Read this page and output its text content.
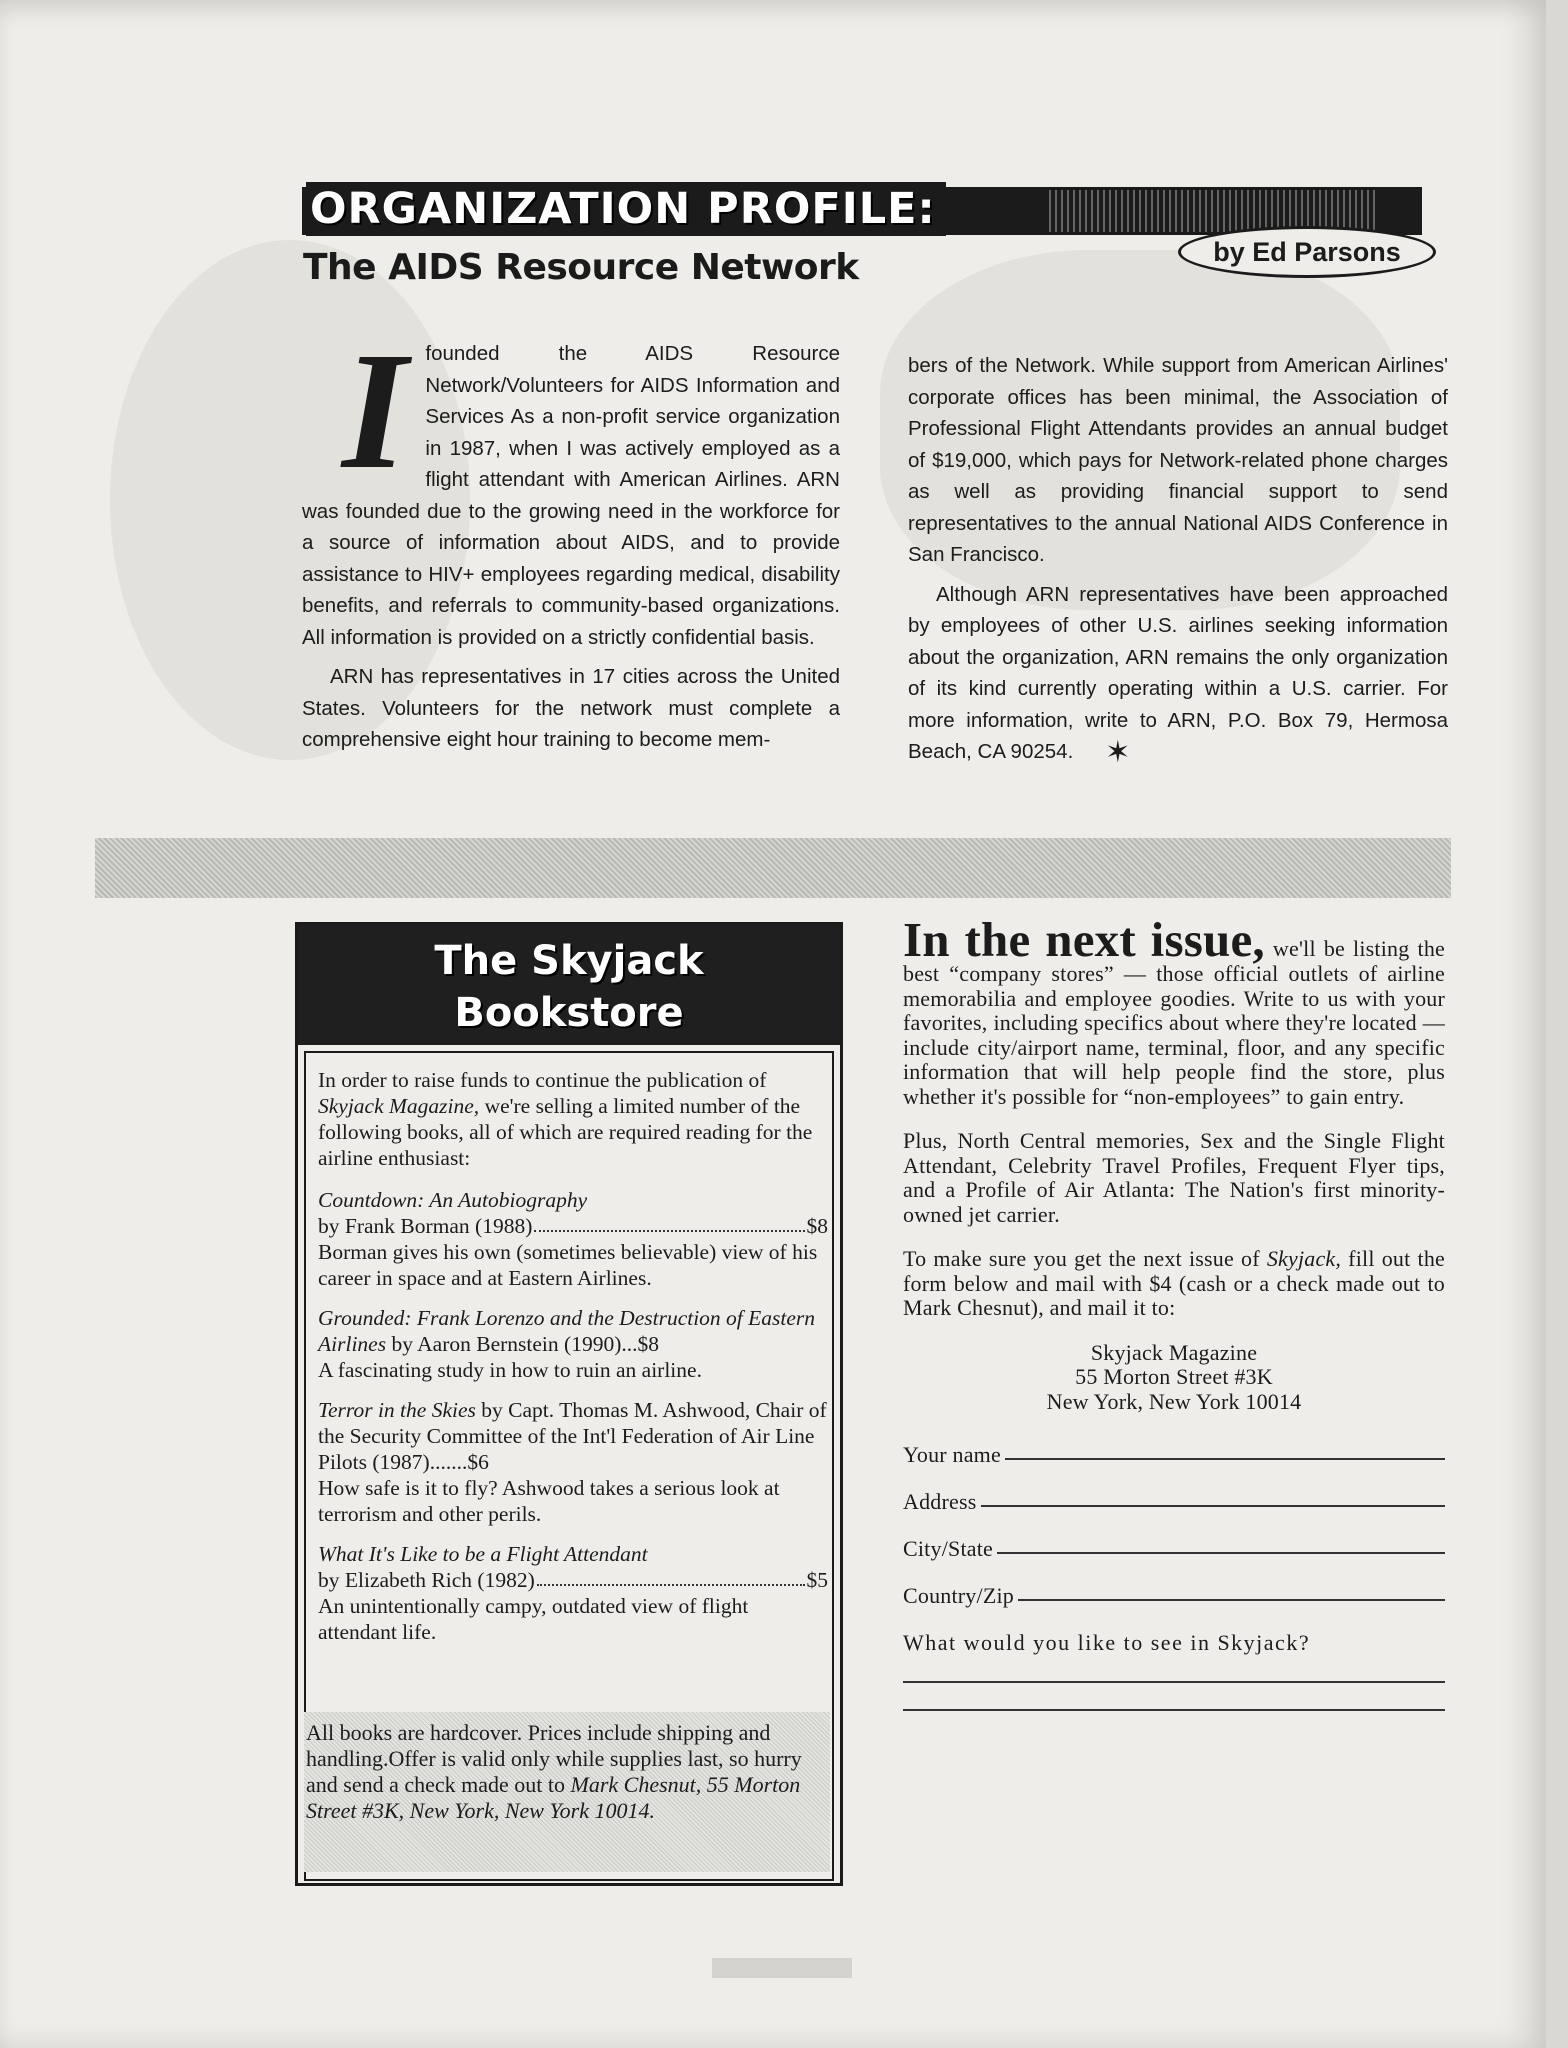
ORGANIZATION PROFILE:
by Ed Parsons
The AIDS Resource Network
I founded the AIDS Resource Network/Volunteers for AIDS Information and Services As a non-profit service organization in 1987, when I was actively employed as a flight attendant with American Airlines. ARN was founded due to the growing need in the workforce for a source of information about AIDS, and to provide assistance to HIV+ employees regarding medical, disability benefits, and referrals to community-based organizations. All information is provided on a strictly confidential basis.

ARN has representatives in 17 cities across the United States. Volunteers for the network must complete a comprehensive eight hour training to become mem-

bers of the Network. While support from American Airlines' corporate offices has been minimal, the Association of Professional Flight Attendants provides an annual budget of $19,000, which pays for Network-related phone charges as well as providing financial support to send representatives to the annual National AIDS Conference in San Francisco.

Although ARN representatives have been approached by employees of other U.S. airlines seeking information about the organization, ARN remains the only organization of its kind currently operating within a U.S. carrier. For more information, write to ARN, P.O. Box 79, Hermosa Beach, CA 90254. ✶

The Skyjack
Bookstore

In order to raise funds to continue the publication of Skyjack Magazine, we're selling a limited number of the following books, all of which are required reading for the airline enthusiast:

Countdown: An Autobiography
by Frank Borman (1988)	$8
Borman gives his own (sometimes believable) view of his career in space and at Eastern Airlines.
Grounded: Frank Lorenzo and the Destruction of Eastern Airlines by Aaron Bernstein (1990)...$8
A fascinating study in how to ruin an airline.
Terror in the Skies by Capt. Thomas M. Ashwood, Chair of the Security Committee of the Int'l Federation of Air Line Pilots (1987).......$6
How safe is it to fly? Ashwood takes a serious look at terrorism and other perils.
What It's Like to be a Flight Attendant
by Elizabeth Rich (1982)	$5
An unintentionally campy, outdated view of flight attendant life.
All books are hardcover. Prices include shipping and handling.Offer is valid only while supplies last, so hurry and send a check made out to Mark Chesnut, 55 Morton Street #3K, New York, New York 10014.

In the next issue, we'll be listing the best “company stores” — those official outlets of airline memorabilia and employee goodies. Write to us with your favorites, including specifics about where they're located — include city/airport name, terminal, floor, and any specific information that will help people find the store, plus whether it's possible for “non-employees” to gain entry.

Plus, North Central memories, Sex and the Single Flight Attendant, Celebrity Travel Profiles, Frequent Flyer tips, and a Profile of Air Atlanta: The Nation's first minority-owned jet carrier.

To make sure you get the next issue of Skyjack, fill out the form below and mail with $4 (cash or a check made out to Mark Chesnut), and mail it to:

Skyjack Magazine
55 Morton Street #3K
New York, New York 10014
Your name
Address
City/State
Country/Zip
What would you like to see in Skyjack?
